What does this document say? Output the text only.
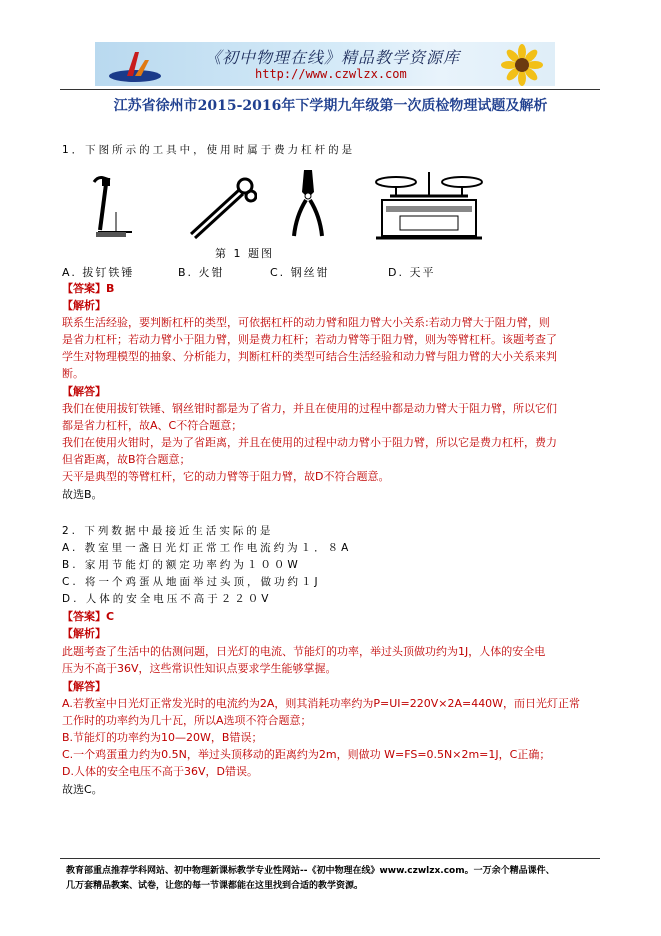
《初中物理在线》精品教学资源库
http://www.czwlzx.com
江苏省徐州市2015-2016年下学期九年级第一次质检物理试题及解析
1．下图所示的工具中，使用时属于费力杠杆的是
第 1 题图
A. 拔钉铁锤	B. 火钳	C. 钢丝钳	D. 天平
【答案】B
【解析】
联系生活经验，要判断杠杆的类型，可依据杠杆的动力臂和阻力臂大小关系:若动力臂大于阻力臂，则
是省力杠杆；若动力臂小于阻力臂，则是费力杠杆；若动力臂等于阻力臂，则为等臂杠杆。该题考查了
学生对物理模型的抽象、分析能力，判断杠杆的类型可结合生活经验和动力臂与阻力臂的大小关系来判
断。
【解答】
我们在使用拔钉铁锤、钢丝钳时都是为了省力，并且在使用的过程中都是动力臂大于阻力臂，所以它们
都是省力杠杆，故A、C不符合题意；
我们在使用火钳时，是为了省距离，并且在使用的过程中动力臂小于阻力臂，所以它是费力杠杆，费力
但省距离，故B符合题意；
天平是典型的等臂杠杆，它的动力臂等于阻力臂，故D不符合题意。
故选B。
2. 下列数据中最接近生活实际的是
A. 教室里一盏日光灯正常工作电流约为１．８A
B. 家用节能灯的额定功率约为１００W
C. 将一个鸡蛋从地面举过头顶，做功约１J
D. 人体的安全电压不高于２２０V
【答案】C
【解析】
此题考查了生活中的估测问题，日光灯的电流、节能灯的功率，举过头顶做功约为1J，人体的安全电
压为不高于36V，这些常识性知识点要求学生能够掌握。
【解答】
A.若教室中日光灯正常发光时的电流约为2A，则其消耗功率约为P=UI=220V×2A=440W，而日光灯正常
工作时的功率约为几十瓦，所以A选项不符合题意；
B.节能灯的功率约为10—20W，B错误；
C.一个鸡蛋重力约为0.5N，举过头顶移动的距离约为2m，则做功 W=FS=0.5N×2m=1J，C正确；
D.人体的安全电压不高于36V，D错误。
故选C。
教育部重点推荐学科网站、初中物理新课标教学专业性网站--《初中物理在线》www.czwlzx.com。一万余个精品课件、
几万套精品教案、试卷，让您的每一节课都能在这里找到合适的教学资源。
